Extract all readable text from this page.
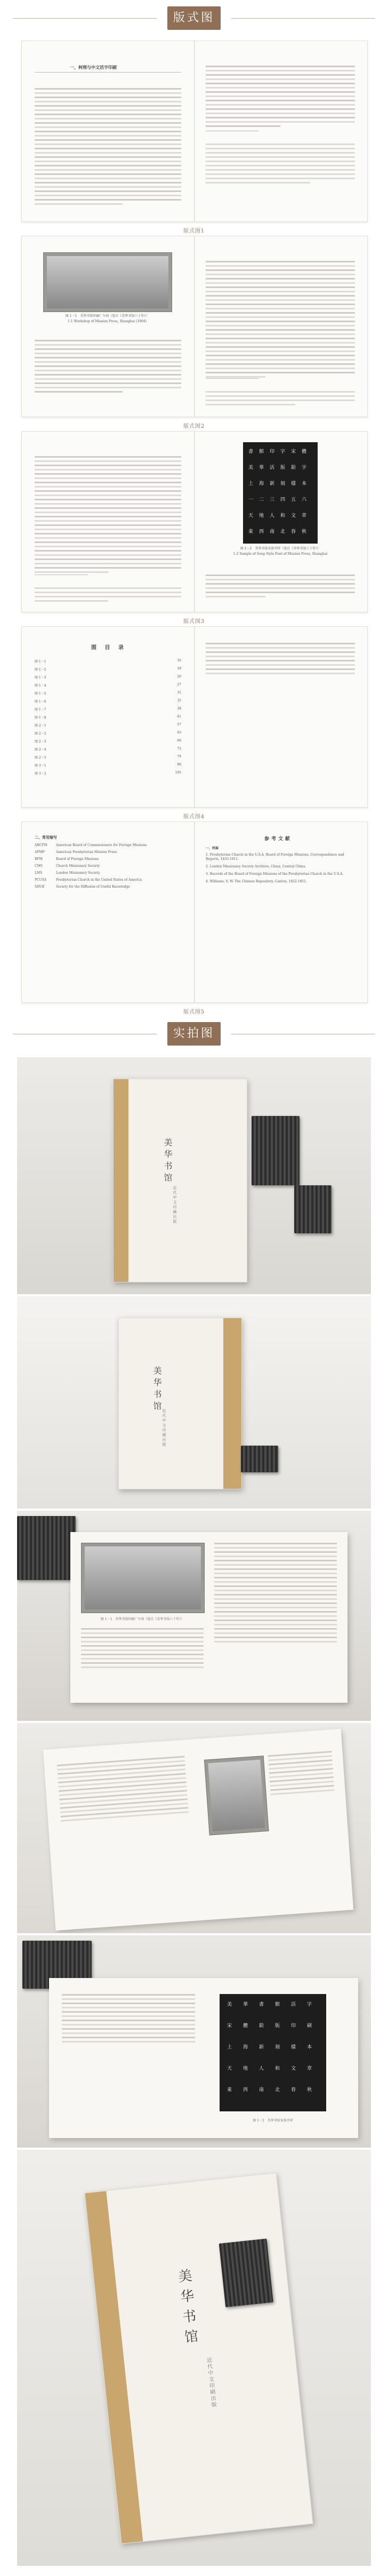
版式图
一、柯理与中文活字印刷

版式图1
图 1－1　美华书馆印刷厂车间（选自《美华书馆六十年》）
1-1 Workshop of Mission Press, Shanghai (1904)

版式图2

書 館 印 字 宋 體
美 華 活 版 鉛 字
上 海 新 刻 樣 本
一 二 三 四 五 六
天 地 人 和 文 章
東 西 南 北 春 秋
图 1－2　美华书馆宋体字样（选自《美华书馆六十年》）
1-2 Sample of Song Style Font of Mission Press, Shanghai

版式图3
图 目 录
图 1－1	16
图 1－2	18
图 1－3	20
图 1－4	27
图 1－5	31
图 1－6	35
图 1－7	38
图 1－8	41
图 2－1	57
图 2－2	63
图 2－3	66
图 2－4	72
图 2－5	79
图 3－1	96
图 3－2	105
版式图4
二、常用缩写
ABCFM	American Board of Commissioners for Foreign Missions
APMP	American Presbyterian Mission Press
BFM	Board of Foreign Missions
CMS	Church Missionary Society
LMS	London Missionary Society
PCUSA	Presbyterian Church in the United States of America
SDUK	Society for the Diffusion of Useful Knowledge
参考文献
一、档案
1. Presbyterian Church in the U.S.A. Board of Foreign Missions. Correspondence and Reports, 1833-1911.
2. London Missionary Society Archives, China, Central China.
3. Records of the Board of Foreign Missions of the Presbyterian Church in the U.S.A.
4. Williams, S. W. The Chinese Repository. Canton, 1832-1851.
版式图5
实拍图
美华书馆
近代中文印刷出版
美华书馆
近代中文印刷出版
图 1－1　美华书馆印刷厂车间（选自《美华书馆六十年》）
美 華 書 館 活 字
宋 體 鉛 版 印 刷
上 海 新 刻 樣 本
天 地 人 和 文 章
東 西 南 北 春 秋
图 1－2　美华书馆宋体字样
美华书馆
近代中文印刷出版
